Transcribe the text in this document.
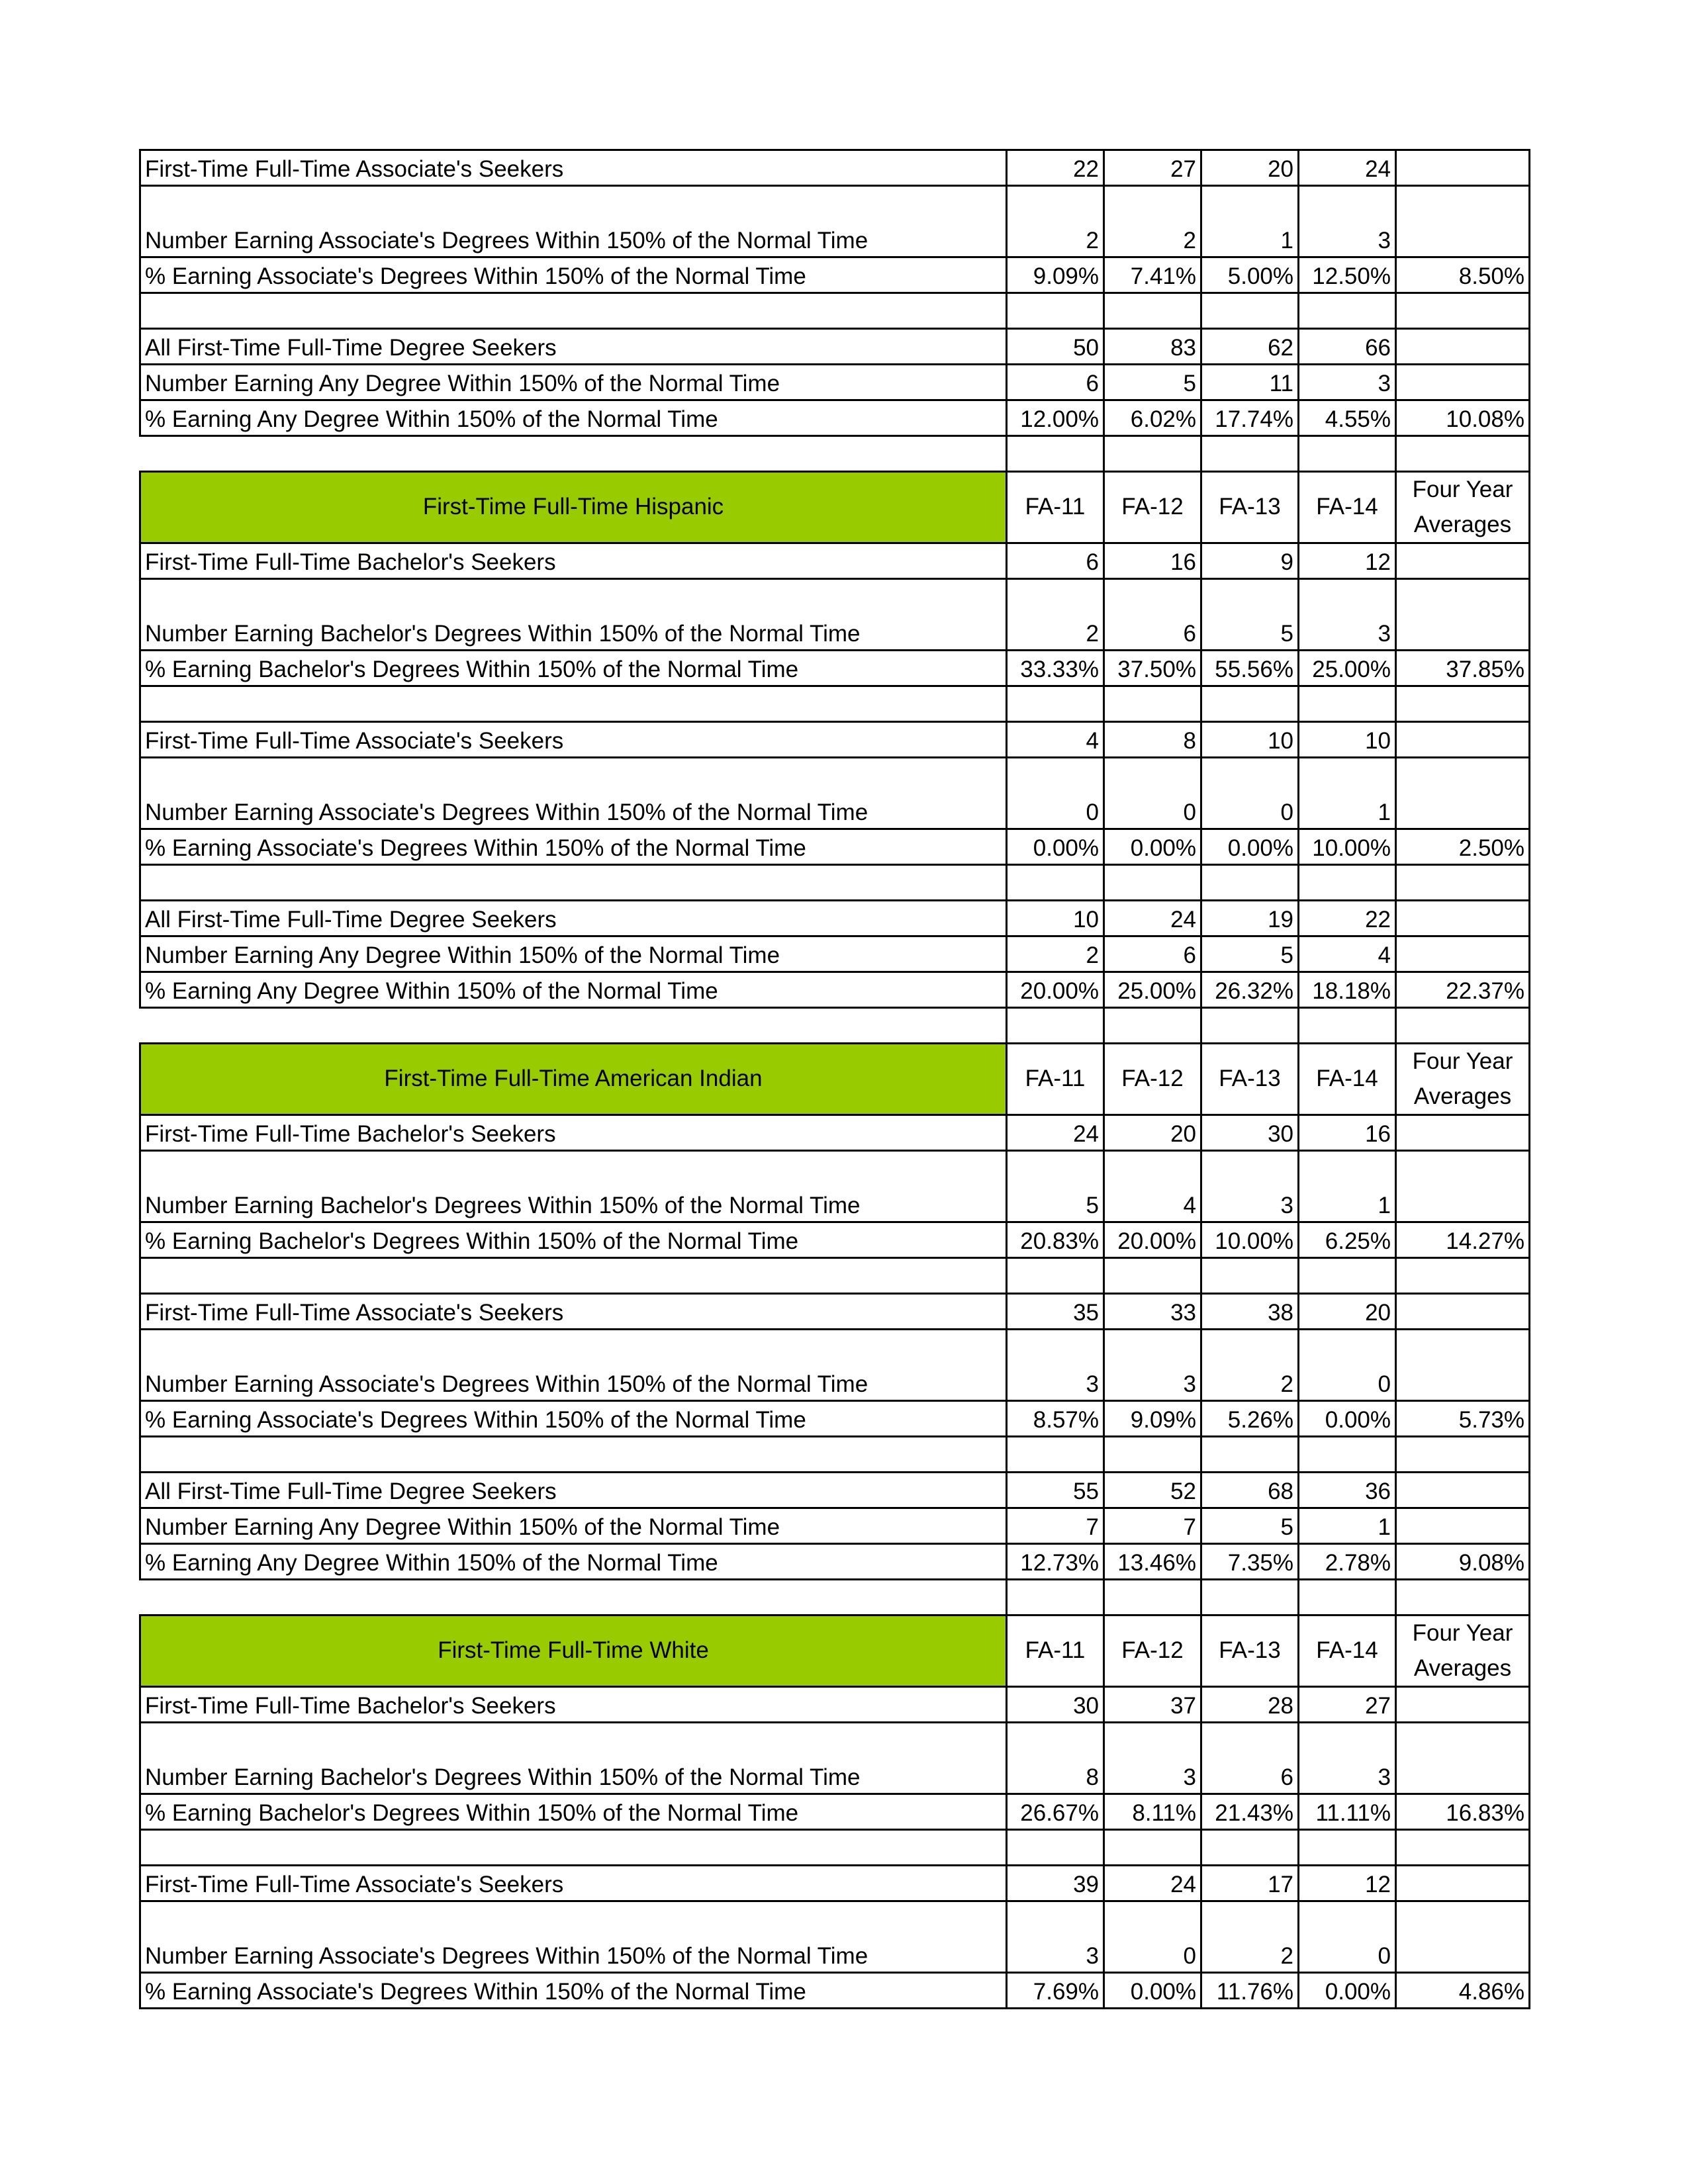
First-Time Full-Time Associate's Seekers	22	27	20	24	
Number Earning Associate's Degrees Within 150% of the Normal Time	2	2	1	3	
% Earning Associate's Degrees Within 150% of the Normal Time	9.09%	7.41%	5.00%	12.50%	8.50%

All First-Time Full-Time Degree Seekers	50	83	62	66	
Number Earning Any Degree Within 150% of the Normal Time	6	5	11	3	
% Earning Any Degree Within 150% of the Normal Time	12.00%	6.02%	17.74%	4.55%	10.08%

First-Time Full-Time Hispanic	FA-11	FA-12	FA-13	FA-14	Four Year Averages
First-Time Full-Time Bachelor's Seekers	6	16	9	12	
Number Earning Bachelor's Degrees Within 150% of the Normal Time	2	6	5	3	
% Earning Bachelor's Degrees Within 150% of the Normal Time	33.33%	37.50%	55.56%	25.00%	37.85%

First-Time Full-Time Associate's Seekers	4	8	10	10	
Number Earning Associate's Degrees Within 150% of the Normal Time	0	0	0	1	
% Earning Associate's Degrees Within 150% of the Normal Time	0.00%	0.00%	0.00%	10.00%	2.50%

All First-Time Full-Time Degree Seekers	10	24	19	22	
Number Earning Any Degree Within 150% of the Normal Time	2	6	5	4	
% Earning Any Degree Within 150% of the Normal Time	20.00%	25.00%	26.32%	18.18%	22.37%

First-Time Full-Time American Indian	FA-11	FA-12	FA-13	FA-14	Four Year Averages
First-Time Full-Time Bachelor's Seekers	24	20	30	16	
Number Earning Bachelor's Degrees Within 150% of the Normal Time	5	4	3	1	
% Earning Bachelor's Degrees Within 150% of the Normal Time	20.83%	20.00%	10.00%	6.25%	14.27%

First-Time Full-Time Associate's Seekers	35	33	38	20	
Number Earning Associate's Degrees Within 150% of the Normal Time	3	3	2	0	
% Earning Associate's Degrees Within 150% of the Normal Time	8.57%	9.09%	5.26%	0.00%	5.73%

All First-Time Full-Time Degree Seekers	55	52	68	36	
Number Earning Any Degree Within 150% of the Normal Time	7	7	5	1	
% Earning Any Degree Within 150% of the Normal Time	12.73%	13.46%	7.35%	2.78%	9.08%

First-Time Full-Time White	FA-11	FA-12	FA-13	FA-14	Four Year Averages
First-Time Full-Time Bachelor's Seekers	30	37	28	27	
Number Earning Bachelor's Degrees Within 150% of the Normal Time	8	3	6	3	
% Earning Bachelor's Degrees Within 150% of the Normal Time	26.67%	8.11%	21.43%	11.11%	16.83%

First-Time Full-Time Associate's Seekers	39	24	17	12	
Number Earning Associate's Degrees Within 150% of the Normal Time	3	0	2	0	
% Earning Associate's Degrees Within 150% of the Normal Time	7.69%	0.00%	11.76%	0.00%	4.86%
